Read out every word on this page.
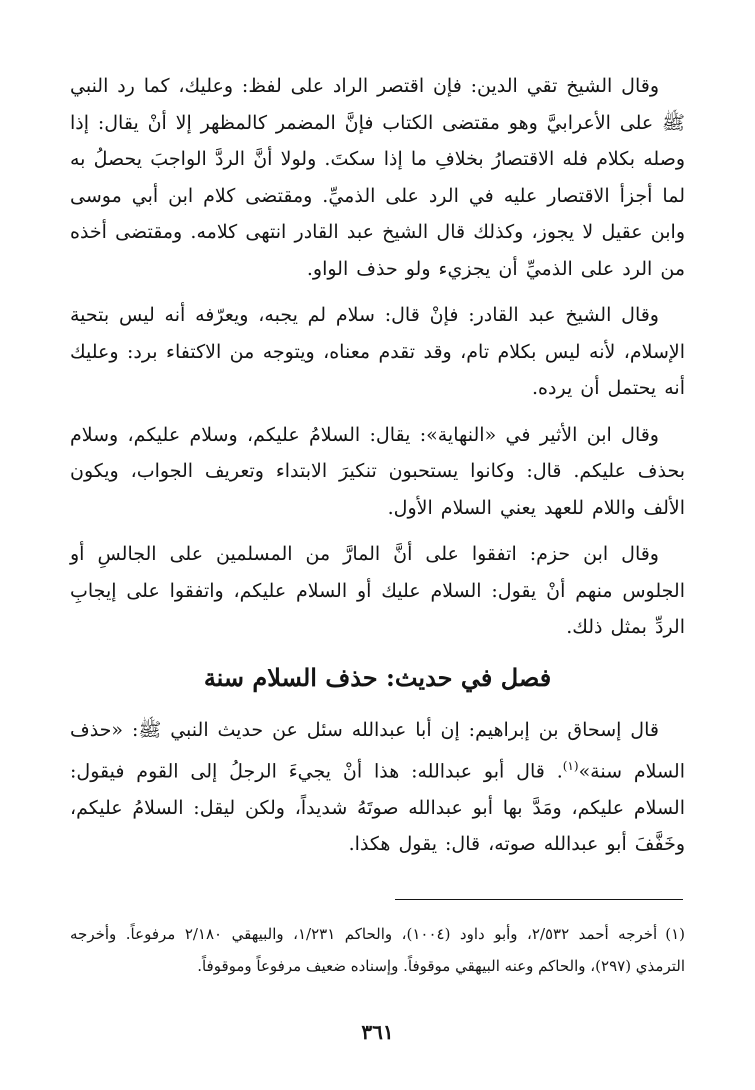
وقال الشيخ تقي الدين: فإن اقتصر الراد على لفظ: وعليك، كما رد النبي ﷺ على الأعرابيَّ وهو مقتضى الكتاب فإنَّ المضمر كالمظهر إلا أنْ يقال: إذا وصله بكلام فله الاقتصارُ بخلافِ ما إذا سكتَ. ولولا أنَّ الردَّ الواجبَ يحصلُ به لما أجزأ الاقتصار عليه في الرد على الذميِّ. ومقتضى كلام ابن أبي موسى وابن عقيل لا يجوز، وكذلك قال الشيخ عبد القادر انتهى كلامه. ومقتضى أخذه من الرد على الذميِّ أن يجزيء ولو حذف الواو.

وقال الشيخ عبد القادر: فإنْ قال: سلام لم يجبه، ويعرّفه أنه ليس بتحية الإسلام، لأنه ليس بكلام تام، وقد تقدم معناه، ويتوجه من الاكتفاء برد: وعليك أنه يحتمل أن يرده.

وقال ابن الأثير في «النهاية»: يقال: السلامُ عليكم، وسلام عليكم، وسلام بحذف عليكم. قال: وكانوا يستحبون تنكيرَ الابتداء وتعريف الجواب، ويكون الألف واللام للعهد يعني السلام الأول.

وقال ابن حزم: اتفقوا على أنَّ المارَّ من المسلمين على الجالسِ أو الجلوس منهم أنْ يقول: السلام عليك أو السلام عليكم، واتفقوا على إيجابِ الردِّ بمثل ذلك.

فصل في حديث: حذف السلام سنة

قال إسحاق بن إبراهيم: إن أبا عبدالله سئل عن حديث النبي ﷺ: «حذف السلام سنة»$^{(١)}$. قال أبو عبدالله: هذا أنْ يجيءَ الرجلُ إلى القوم فيقول: السلام عليكم، ومَدَّ بها أبو عبدالله صوتَهُ شديداً، ولكن ليقل: السلامُ عليكم، وخَفَّفَ أبو عبدالله صوته، قال: يقول هكذا.

(١)أخرجه أحمد ٢/٥٣٢، وأبو داود (١٠٠٤)، والحاكم ١/٢٣١، والبيهقي ٢/١٨٠ مرفوعاً. وأخرجه الترمذي (٢٩٧)، والحاكم وعنه البيهقي موقوفاً. وإسناده ضعيف مرفوعاً وموقوفاً.
٣٦١
